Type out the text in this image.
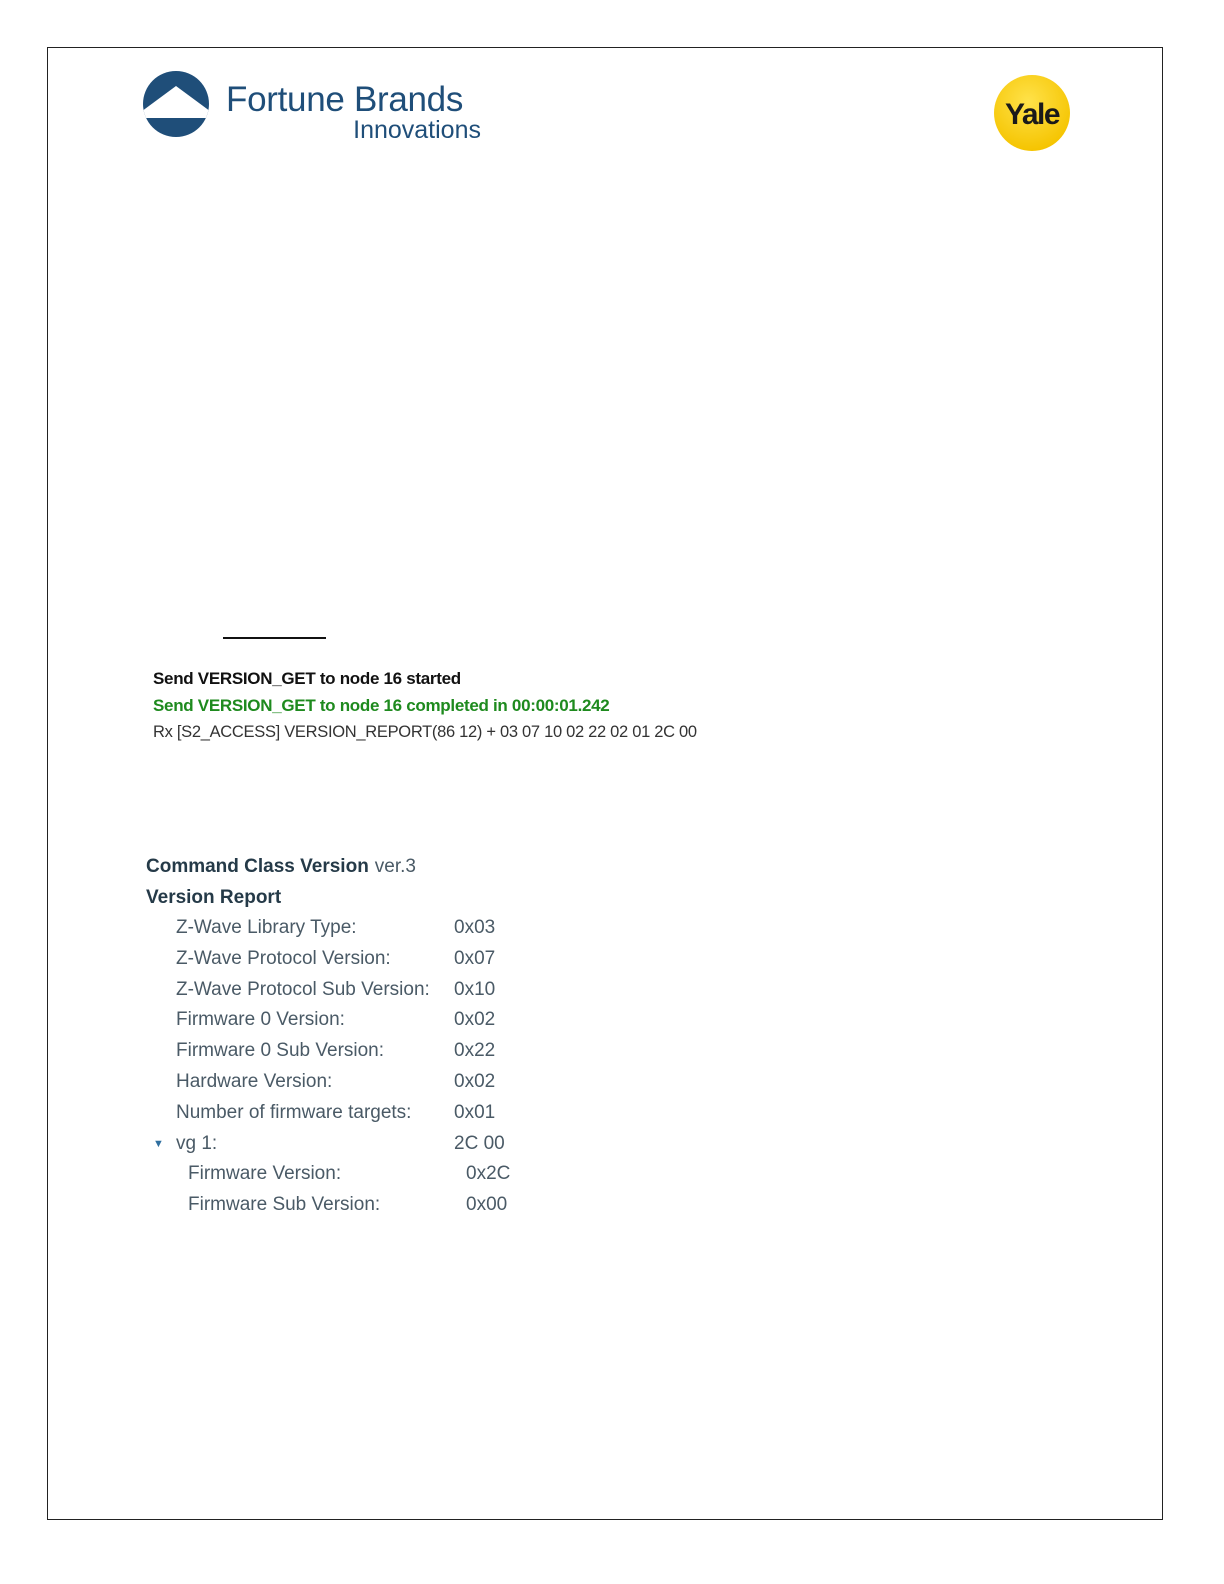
Fortune Brands
Innovations	Yale
Send VERSION_GET to node 16 started
Send VERSION_GET to node 16 completed in 00:00:01.242
Rx [S2_ACCESS] VERSION_REPORT(86 12) + 03 07 10 02 22 02 01 2C 00
Command Class Version ver.3
Version Report
Z-Wave Library Type:	0x03
Z-Wave Protocol Version:	0x07
Z-Wave Protocol Sub Version: 0x10
Firmware 0 Version:	0x02
Firmware 0 Sub Version:	0x22
Hardware Version:	0x02
Number of firmware targets: 0x01
▼ vg 1:	2C 00
Firmware Version:	0x2C
Firmware Sub Version:	0x00
